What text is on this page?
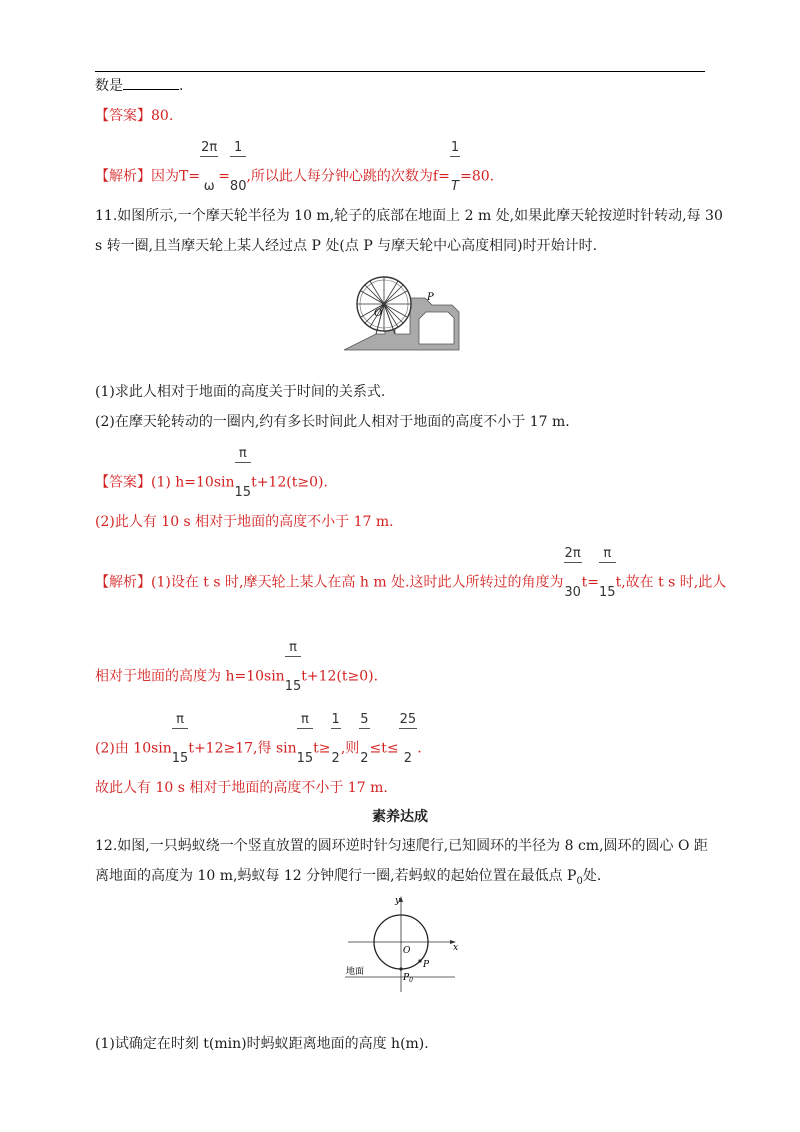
数是	.
【答案】80.
【解析】因为T=
$\frac{2\pi}{\omega}$
=
$\frac{1}{80}$
,所以此人每分钟心跳的次数为f=
$\frac{1}{T}$
=80.
11.如图所示,一个摩天轮半径为 10 m,轮子的底部在地面上 2 m 处,如果此摩天轮按逆时针转动,每 30
s 转一圈,且当摩天轮上某人经过点 P 处(点 P 与摩天轮中心高度相同)时开始计时.
O
P
(1)求此人相对于地面的高度关于时间的关系式.
(2)在摩天轮转动的一圈内,约有多长时间此人相对于地面的高度不小于 17 m.
【答案】(1) h=10sin
$\frac{\pi}{15}$
t+12(t≥0).
(2)此人有 10 s 相对于地面的高度不小于 17 m.
【解析】(1)设在 t s 时,摩天轮上某人在高 h m 处.这时此人所转过的角度为
$\frac{2\pi}{30}$
t=
$\frac{\pi}{15}$
t,故在 t s 时,此人
相对于地面的高度为 h=10sin
$\frac{\pi}{15}$
t+12(t≥0).
(2)由 10sin
$\frac{\pi}{15}$
t+12≥17,得 sin
$\frac{\pi}{15}$
t≥
$\frac{1}{2}$
,则
$\frac{5}{2}$
≤t≤
$\frac{25}{2}$
.
故此人有 10 s 相对于地面的高度不小于 17 m.
素养达成
12.如图,一只蚂蚁绕一个竖直放置的圆环逆时针匀速爬行,已知圆环的半径为 8 cm,圆环的圆心 O 距
离地面的高度为 10 m,蚂蚁每 12 分钟爬行一圈,若蚂蚁的起始位置在最低点 $P_0$处.
y
x
O
P
$P_0$
地面
(1)试确定在时刻 t(min)时蚂蚁距离地面的高度 h(m).
